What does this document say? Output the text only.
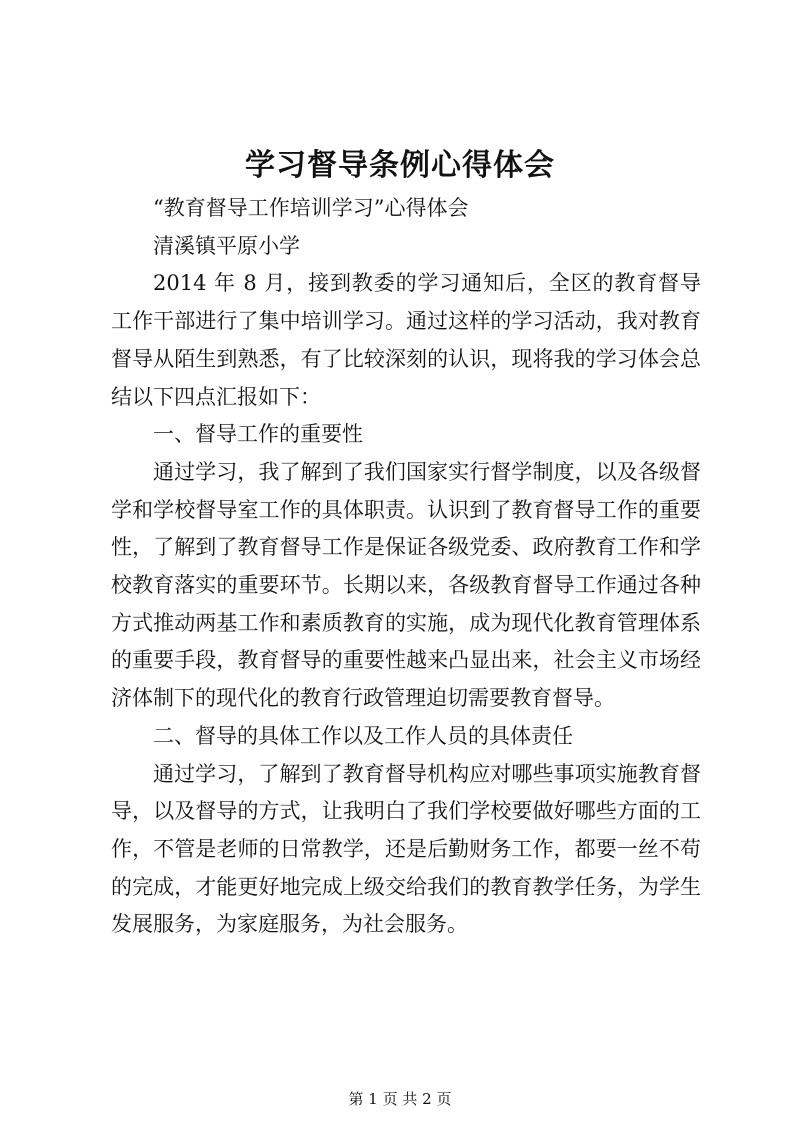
学习督导条例心得体会

“教育督导工作培训学习”心得体会

清溪镇平原小学

2014 年 8 月，接到教委的学习通知后，全区的教育督导工作干部进行了集中培训学习。通过这样的学习活动，我对教育督导从陌生到熟悉，有了比较深刻的认识，现将我的学习体会总结以下四点汇报如下：

一、督导工作的重要性

通过学习，我了解到了我们国家实行督学制度，以及各级督学和学校督导室工作的具体职责。认识到了教育督导工作的重要性，了解到了教育督导工作是保证各级党委、政府教育工作和学校教育落实的重要环节。长期以来，各级教育督导工作通过各种方式推动两基工作和素质教育的实施，成为现代化教育管理体系的重要手段，教育督导的重要性越来凸显出来，社会主义市场经济体制下的现代化的教育行政管理迫切需要教育督导。

二、督导的具体工作以及工作人员的具体责任

通过学习，了解到了教育督导机构应对哪些事项实施教育督导，以及督导的方式，让我明白了我们学校要做好哪些方面的工作，不管是老师的日常教学，还是后勤财务工作，都要一丝不苟的完成，才能更好地完成上级交给我们的教育教学任务，为学生发展服务，为家庭服务，为社会服务。

第 1 页 共 2 页
